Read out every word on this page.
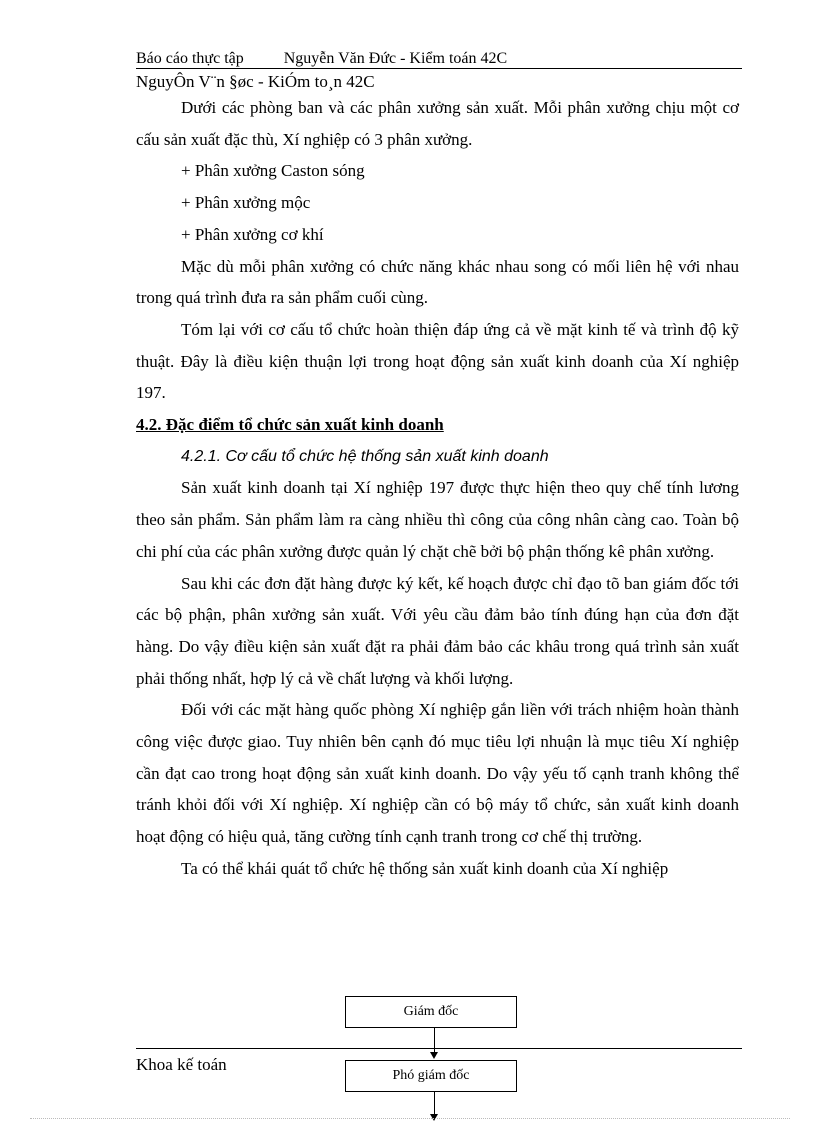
Báo cáo thực tập	Nguyễn Văn Đức - Kiểm toán 42C
NguyÔn V¨n §øc - KiÓm to¸n 42C

Dưới các phòng ban và các phân xưởng sản xuất. Mỗi phân xưởng chịu một cơ cấu sản xuất đặc thù, Xí nghiệp có 3 phân xưởng.

+ Phân xưởng Caston sóng

+ Phân xưởng mộc

+ Phân xưởng cơ khí

Mặc dù mỗi phân xưởng có chức năng khác nhau song có mối liên hệ với nhau trong quá trình đưa ra sản phẩm cuối cùng.

Tóm lại với cơ cấu tổ chức hoàn thiện đáp ứng cả về mặt kinh tế và trình độ kỹ thuật. Đây là điều kiện thuận lợi trong hoạt động sản xuất kinh doanh của Xí nghiệp 197.

4.2. Đặc điểm tổ chức sản xuất kinh doanh

4.2.1. Cơ cấu tổ chức hệ thống sản xuất kinh doanh

Sản xuất kinh doanh tại Xí nghiệp 197 được thực hiện theo quy chế tính lương theo sản phẩm. Sản phẩm làm ra càng nhiều thì công của công nhân càng cao. Toàn bộ chi phí của các phân xưởng được quản lý chặt chẽ bởi bộ phận thống kê phân xưởng.

Sau khi các đơn đặt hàng được ký kết, kế hoạch được chỉ đạo tõ ban giám đốc tới các bộ phận, phân xưởng sản xuất. Với yêu cầu đảm bảo tính đúng hạn của đơn đặt hàng. Do vậy điều kiện sản xuất đặt ra phải đảm bảo các khâu trong quá trình sản xuất phải thống nhất, hợp lý cả về chất lượng và khối lượng.

Đối với các mặt hàng quốc phòng Xí nghiệp gắn liền với trách nhiệm hoàn thành công việc được giao. Tuy nhiên bên cạnh đó mục tiêu lợi nhuận là mục tiêu Xí nghiệp cần đạt cao trong hoạt động sản xuất kinh doanh. Do vậy yếu tố cạnh tranh không thể tránh khỏi đối với Xí nghiệp. Xí nghiệp cần có bộ máy tổ chức, sản xuất kinh doanh hoạt động có hiệu quả, tăng cường tính cạnh tranh trong cơ chế thị trường.

Ta có thể khái quát tổ chức hệ thống sản xuất kinh doanh của Xí nghiệp

Giám đốc
Phó giám đốc
Khoa kế toán
